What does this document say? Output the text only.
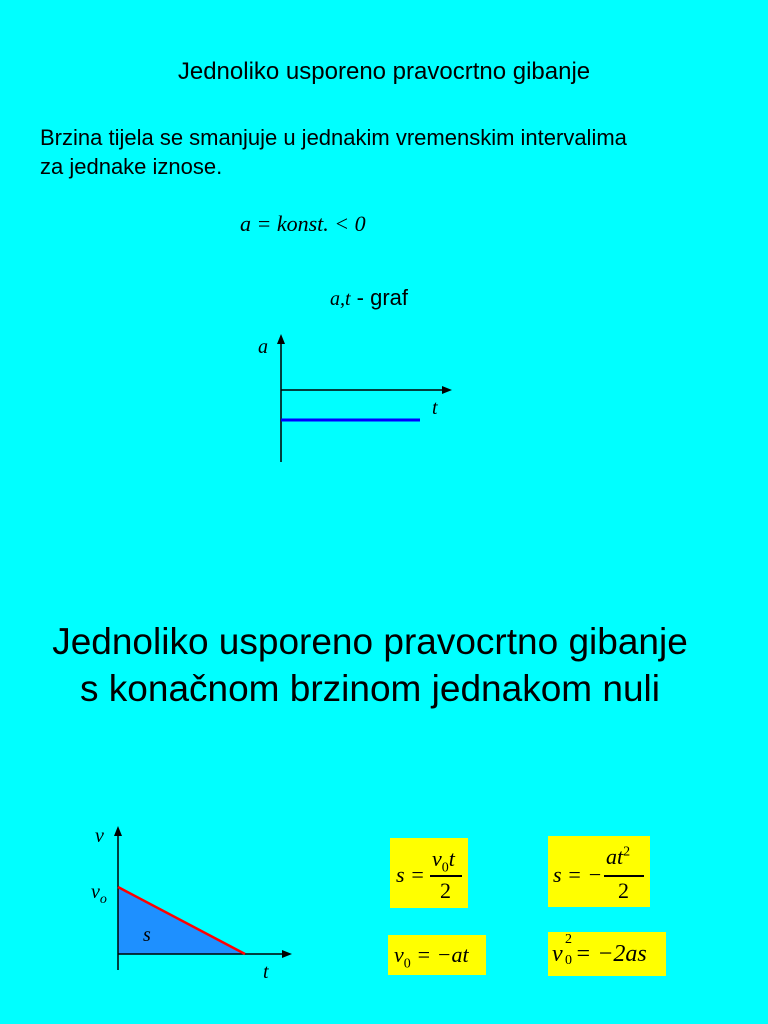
Jednoliko usporeno pravocrtno gibanje
Brzina tijela se smanjuje u jednakim vremenskim intervalima
za jednake iznose.
a = konst. < 0
a,t - graf
a
t
Jednoliko usporeno pravocrtno gibanje
s konačnom brzinom jednakom nuli
v
$v_o$
s
t
s =
$v_0t$
2
s = −
$at^2$
2
$v_0 = -at$	v
2
0 = −2as
